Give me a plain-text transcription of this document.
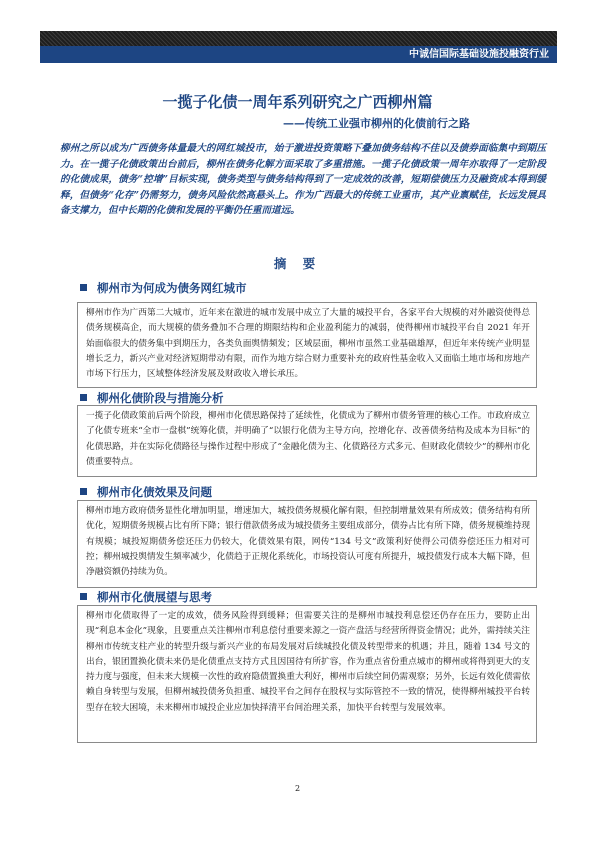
中诚信国际基础设施投融资行业
一揽子化债一周年系列研究之广西柳州篇
——传统工业强市柳州的化债前行之路

柳州之所以成为广西债务体量最大的网红城投市，始于激进投资策略下叠加债务结构不佳以及债券面临集中到期压力。在一揽子化债政策出台前后，柳州在债务化解方面采取了多重措施。一揽子化债政策一周年亦取得了一定阶段的化债成果，债务“控增”目标实现，债务类型与债务结构得到了一定成效的改善，短期偿债压力及融资成本得到缓释，但债务“化存”仍需努力，债务风险依然高悬头上。作为广西最大的传统工业重市，其产业禀赋佳，长远发展具备支撑力，但中长期的化债和发展的平衡仍任重而道远。

摘 要
柳州市为何成为债务网红城市

柳州市作为广西第二大城市，近年来在激进的城市发展中成立了大量的城投平台，各家平台大规模的对外融资使得总债务规模高企，而大规模的债务叠加不合理的期限结构和企业盈利能力的减弱，使得柳州市城投平台自 2021 年开始面临很大的债务集中到期压力，各类负面舆情频发；区域层面，柳州市虽然工业基础雄厚，但近年来传统产业明显增长乏力，新兴产业对经济短期带动有限，而作为地方综合财力重要补充的政府性基金收入又面临土地市场和房地产市场下行压力，区域整体经济发展及财政收入增长承压。

柳州化债阶段与措施分析

一揽子化债政策前后两个阶段，柳州市化债思路保持了延续性，化债成为了柳州市债务管理的核心工作。市政府成立了化债专班来“全市一盘棋”统筹化债，并明确了“以银行化债为主导方向，控增化存、改善债务结构及成本为目标”的化债思路，并在实际化债路径与操作过程中形成了“金融化债为主、化债路径方式多元、但财政化债较少”的柳州市化债重要特点。

柳州市化债效果及问题

柳州市地方政府债务显性化增加明显，增速加大，城投债务规模化解有限，但控制增量效果有所成效；债务结构有所优化，短期债务规模占比有所下降；银行借款债务成为城投债务主要组成部分，债券占比有所下降，债务规模维持现有规模；城投短期债务偿还压力仍较大，化债效果有限，网传“134 号文”政策利好使得公司债券偿还压力相对可控；柳州城投舆情发生频率减少，化债趋于正规化系统化，市场投资认可度有所提升，城投债发行成本大幅下降，但净融资额仍持续为负。

柳州市化债展望与思考

柳州市化债取得了一定的成效，债务风险得到缓释；但需要关注的是柳州市城投利息偿还仍存在压力，要防止出现“利息本金化”现象，且要重点关注柳州市利息偿付重要来源之一资产盘活与经营所得资金情况；此外，需持续关注柳州市传统支柱产业的转型升级与新兴产业的布局发展对后续城投化债及转型带来的机遇；并且，随着 134 号文的出台，银团置换化债未来仍是化债重点支持方式且因国待有所扩容，作为重点省份重点城市的柳州或将得到更大的支持力度与强度，但未来大规模一次性的政府隐债置换重大利好，柳州市后续空间仍需观察；另外，长远有效化债需依赖自身转型与发展，但柳州城投债务负担重、城投平台之间存在股权与实际管控不一致的情况，使得柳州城投平台转型存在较大困境，未来柳州市城投企业应加快择清平台间治理关系，加快平台转型与发展效率。

2
